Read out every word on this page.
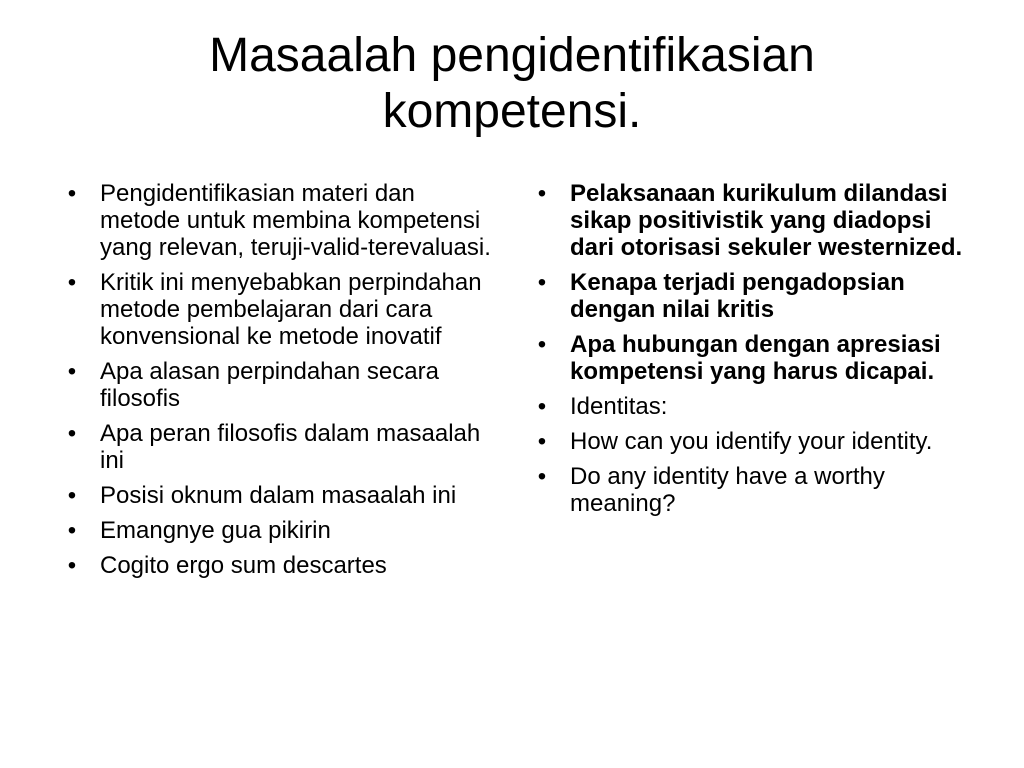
Masaalah pengidentifikasian
kompetensi.
• Pengidentifikasian materi dan metode untuk membina kompetensi yang relevan, teruji-valid-terevaluasi.
• Kritik ini menyebabkan perpindahan metode pembelajaran dari cara konvensional ke metode inovatif
• Apa alasan perpindahan secara filosofis
• Apa peran filosofis dalam masaalah ini
• Posisi oknum dalam masaalah ini
• Emangnye gua pikirin
• Cogito ergo sum descartes
• Pelaksanaan kurikulum dilandasi sikap positivistik yang diadopsi dari otorisasi sekuler westernized.
• Kenapa terjadi pengadopsian dengan nilai kritis
• Apa hubungan dengan apresiasi kompetensi yang harus dicapai.
• Identitas:
• How can you identify your identity.
• Do any identity have a worthy meaning?
